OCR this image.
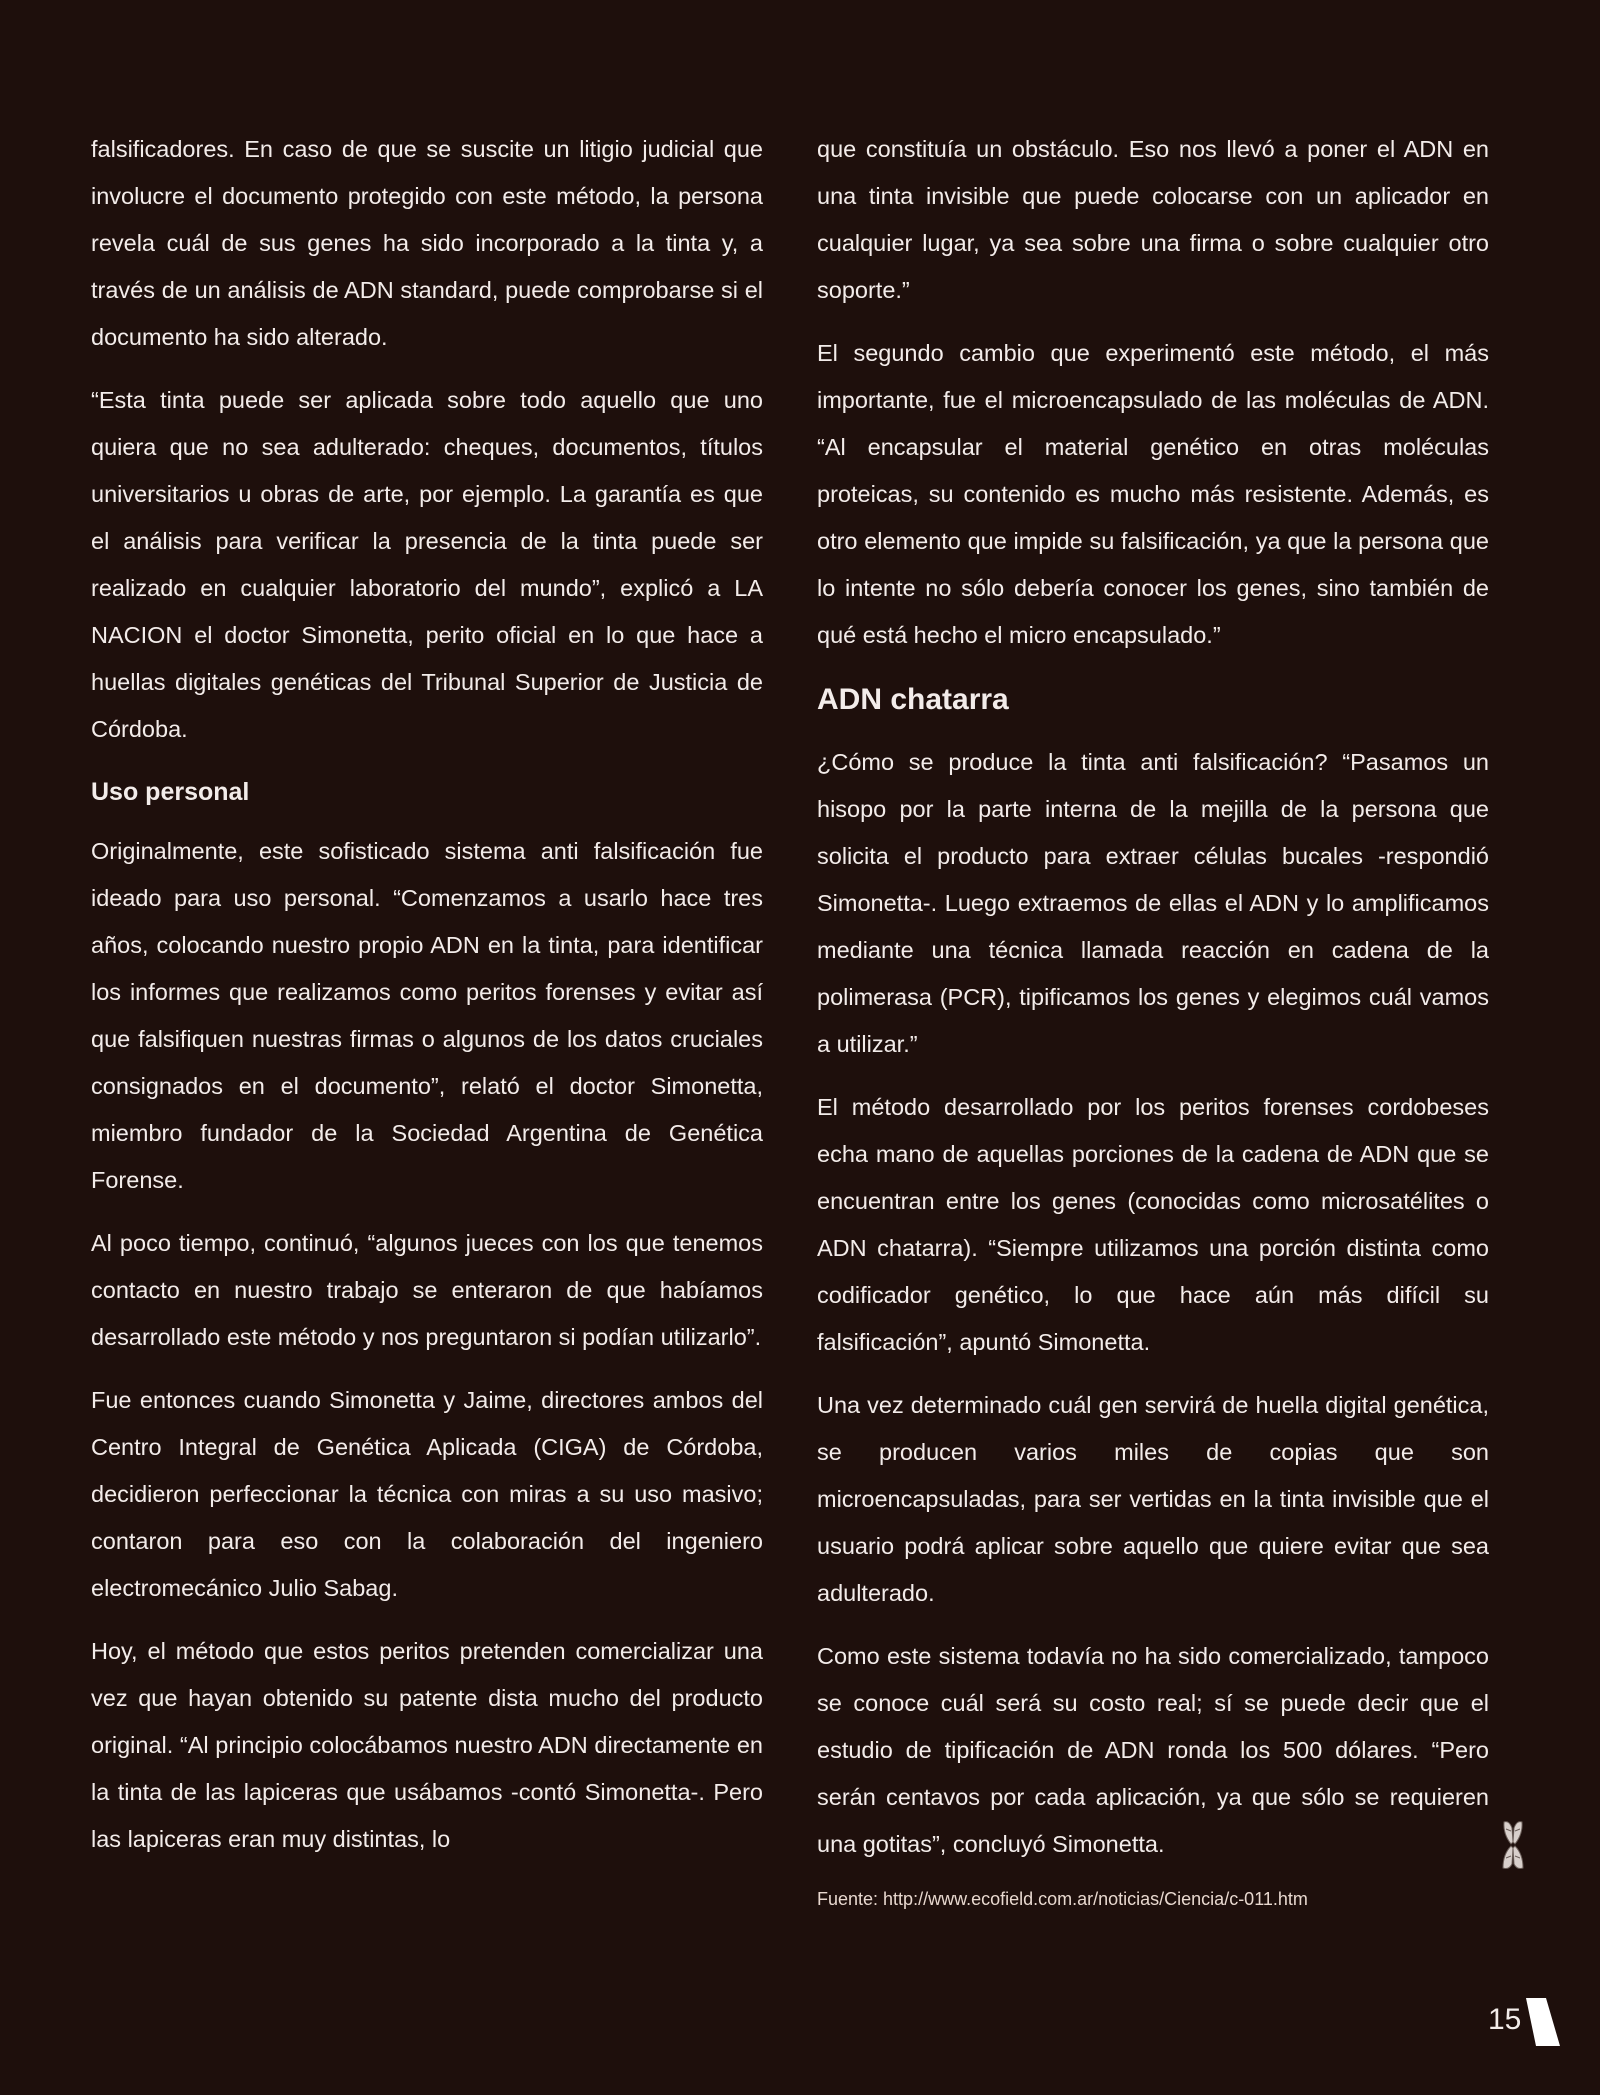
falsificadores. En caso de que se suscite un litigio judicial que involucre el documento protegido con este método, la persona revela cuál de sus genes ha sido incorporado a la tinta y, a través de un análisis de ADN standard, puede comprobarse si el documento ha sido alterado.

“Esta tinta puede ser aplicada sobre todo aquello que uno quiera que no sea adulterado: cheques, documentos, títulos universitarios u obras de arte, por ejemplo. La garantía es que el análisis para verificar la presencia de la tinta puede ser realizado en cualquier laboratorio del mundo”, explicó a LA NACION el doctor Simonetta, perito oficial en lo que hace a huellas digitales genéticas del Tribunal Superior de Justicia de Córdoba.

Uso personal

Originalmente, este sofisticado sistema anti falsificación fue ideado para uso personal. “Comenzamos a usarlo hace tres años, colocando nuestro propio ADN en la tinta, para identificar los informes que realizamos como peritos forenses y evitar así que falsifiquen nuestras firmas o algunos de los datos cruciales consignados en el documento”, relató el doctor Simonetta, miembro fundador de la Sociedad Argentina de Genética Forense.

Al poco tiempo, continuó, “algunos jueces con los que tenemos contacto en nuestro trabajo se enteraron de que habíamos desarrollado este método y nos preguntaron si podían utilizarlo”.

Fue entonces cuando Simonetta y Jaime, directores ambos del Centro Integral de Genética Aplicada (CIGA) de Córdoba, decidieron perfeccionar la técnica con miras a su uso masivo; contaron para eso con la colaboración del ingeniero electromecánico Julio Sabag.

Hoy, el método que estos peritos pretenden comercializar una vez que hayan obtenido su patente dista mucho del producto original. “Al principio colocábamos nuestro ADN directamente en la tinta de las lapiceras que usábamos -contó Simonetta-. Pero las lapiceras eran muy distintas, lo

que constituía un obstáculo. Eso nos llevó a poner el ADN en una tinta invisible que puede colocarse con un aplicador en cualquier lugar, ya sea sobre una firma o sobre cualquier otro soporte.”

El segundo cambio que experimentó este método, el más importante, fue el microencapsulado de las moléculas de ADN. “Al encapsular el material genético en otras moléculas proteicas, su contenido es mucho más resistente. Además, es otro elemento que impide su falsificación, ya que la persona que lo intente no sólo debería conocer los genes, sino también de qué está hecho el micro encapsulado.”

ADN chatarra

¿Cómo se produce la tinta anti falsificación? “Pasamos un hisopo por la parte interna de la mejilla de la persona que solicita el producto para extraer células bucales -respondió Simonetta-. Luego extraemos de ellas el ADN y lo amplificamos mediante una técnica llamada reacción en cadena de la polimerasa (PCR), tipificamos los genes y elegimos cuál vamos a utilizar.”

El método desarrollado por los peritos forenses cordobeses echa mano de aquellas porciones de la cadena de ADN que se encuentran entre los genes (conocidas como microsatélites o ADN chatarra). “Siempre utilizamos una porción distinta como codificador genético, lo que hace aún más difícil su falsificación”, apuntó Simonetta.

Una vez determinado cuál gen servirá de huella digital genética, se producen varios miles de copias que son microencapsuladas, para ser vertidas en la tinta invisible que el usuario podrá aplicar sobre aquello que quiere evitar que sea adulterado.

Como este sistema todavía no ha sido comercializado, tampoco se conoce cuál será su costo real; sí se puede decir que el estudio de tipificación de ADN ronda los 500 dólares. “Pero serán centavos por cada aplicación, ya que sólo se requieren una gotitas”, concluyó Simonetta.

Fuente: http://www.ecofield.com.ar/noticias/Ciencia/c-011.htm

15
